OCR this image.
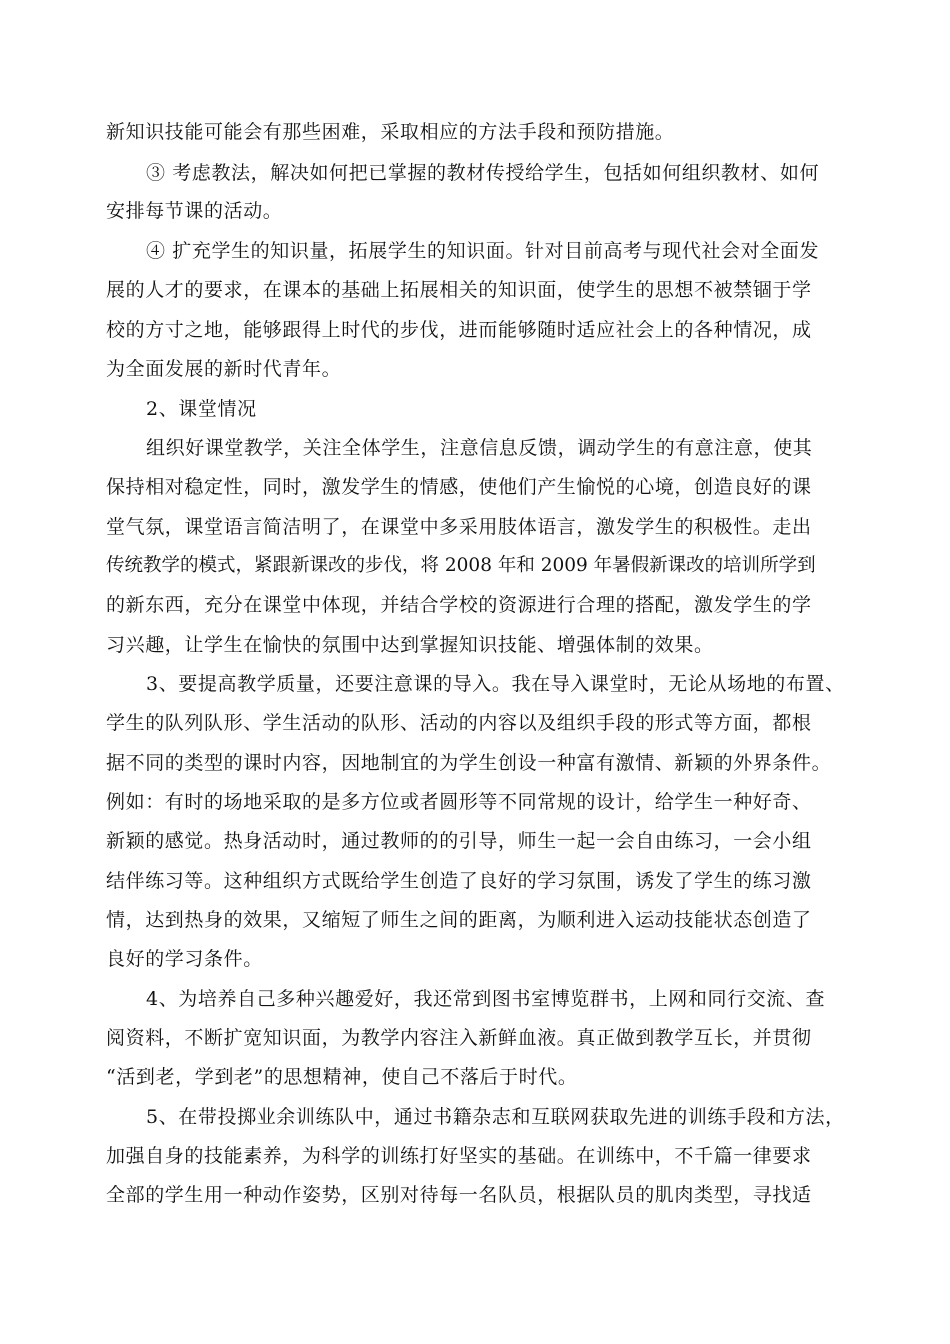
新知识技能可能会有那些困难，采取相应的方法手段和预防措施。
③ 考虑教法，解决如何把已掌握的教材传授给学生，包括如何组织教材、如何
安排每节课的活动。
④ 扩充学生的知识量，拓展学生的知识面。针对目前高考与现代社会对全面发
展的人才的要求，在课本的基础上拓展相关的知识面，使学生的思想不被禁锢于学
校的方寸之地，能够跟得上时代的步伐，进而能够随时适应社会上的各种情况，成
为全面发展的新时代青年。
2、课堂情况
组织好课堂教学，关注全体学生，注意信息反馈，调动学生的有意注意，使其
保持相对稳定性，同时，激发学生的情感，使他们产生愉悦的心境，创造良好的课
堂气氛，课堂语言简洁明了，在课堂中多采用肢体语言，激发学生的积极性。走出
传统教学的模式，紧跟新课改的步伐，将 2008 年和 2009 年暑假新课改的培训所学到
的新东西，充分在课堂中体现，并结合学校的资源进行合理的搭配，激发学生的学
习兴趣，让学生在愉快的氛围中达到掌握知识技能、增强体制的效果。
3、要提高教学质量，还要注意课的导入。我在导入课堂时，无论从场地的布置、
学生的队列队形、学生活动的队形、活动的内容以及组织手段的形式等方面，都根
据不同的类型的课时内容，因地制宜的为学生创设一种富有激情、新颖的外界条件。
例如：有时的场地采取的是多方位或者圆形等不同常规的设计，给学生一种好奇、
新颖的感觉。热身活动时，通过教师的的引导，师生一起一会自由练习，一会小组
结伴练习等。这种组织方式既给学生创造了良好的学习氛围，诱发了学生的练习激
情，达到热身的效果，又缩短了师生之间的距离，为顺利进入运动技能状态创造了
良好的学习条件。
4、为培养自己多种兴趣爱好，我还常到图书室博览群书，上网和同行交流、查
阅资料，不断扩宽知识面，为教学内容注入新鲜血液。真正做到教学互长，并贯彻
“活到老，学到老”的思想精神，使自己不落后于时代。
5、在带投掷业余训练队中，通过书籍杂志和互联网获取先进的训练手段和方法，
加强自身的技能素养，为科学的训练打好坚实的基础。在训练中，不千篇一律要求
全部的学生用一种动作姿势，区别对待每一名队员，根据队员的肌肉类型，寻找适
